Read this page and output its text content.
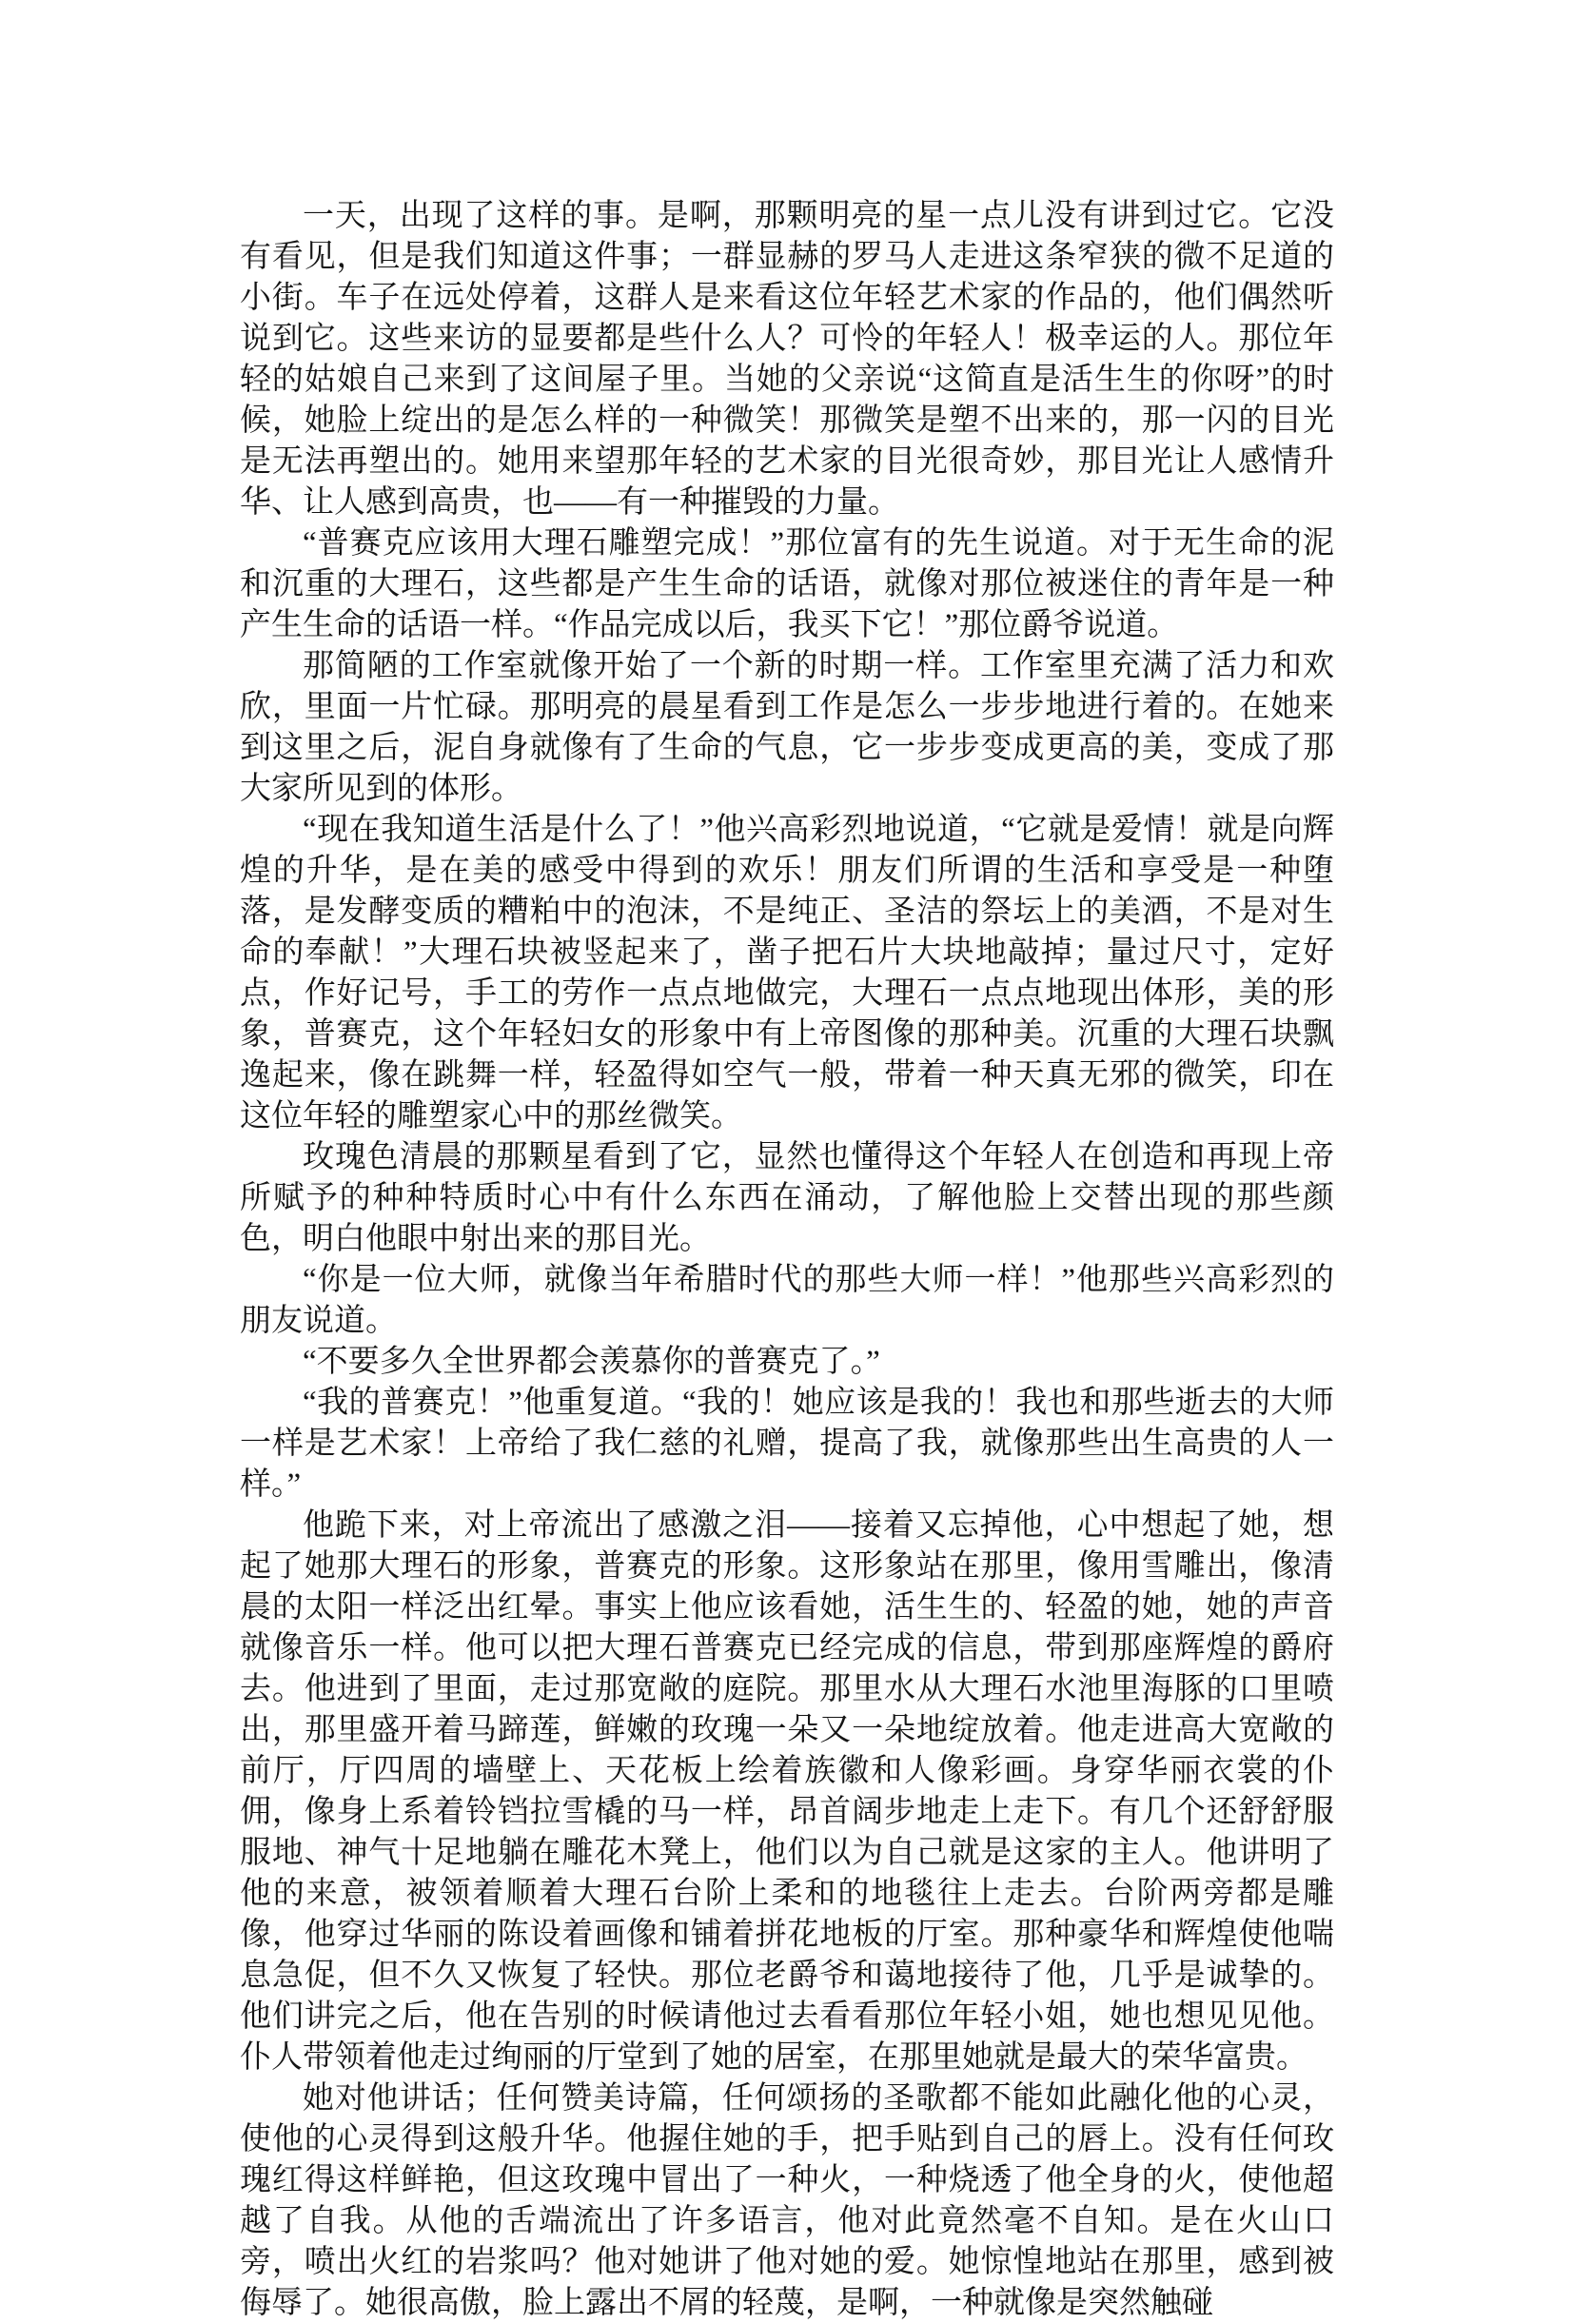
一天，出现了这样的事。是啊，那颗明亮的星一点儿没有讲到过它。它没有看见，但是我们知道这件事；一群显赫的罗马人走进这条窄狭的微不足道的小街。车子在远处停着，这群人是来看这位年轻艺术家的作品的，他们偶然听说到它。这些来访的显要都是些什么人？可怜的年轻人！极幸运的人。那位年轻的姑娘自己来到了这间屋子里。当她的父亲说“这简直是活生生的你呀”的时候，她脸上绽出的是怎么样的一种微笑！那微笑是塑不出来的，那一闪的目光是无法再塑出的。她用来望那年轻的艺术家的目光很奇妙，那目光让人感情升华、让人感到高贵，也——有一种摧毁的力量。

“普赛克应该用大理石雕塑完成！”那位富有的先生说道。对于无生命的泥和沉重的大理石，这些都是产生生命的话语，就像对那位被迷住的青年是一种产生生命的话语一样。“作品完成以后，我买下它！”那位爵爷说道。

那简陋的工作室就像开始了一个新的时期一样。工作室里充满了活力和欢欣，里面一片忙碌。那明亮的晨星看到工作是怎么一步步地进行着的。在她来到这里之后，泥自身就像有了生命的气息，它一步步变成更高的美，变成了那大家所见到的体形。

“现在我知道生活是什么了！”他兴高彩烈地说道，“它就是爱情！就是向辉煌的升华，是在美的感受中得到的欢乐！朋友们所谓的生活和享受是一种堕落，是发酵变质的糟粕中的泡沫，不是纯正、圣洁的祭坛上的美酒，不是对生命的奉献！”大理石块被竖起来了，凿子把石片大块地敲掉；量过尺寸，定好点，作好记号，手工的劳作一点点地做完，大理石一点点地现出体形，美的形象，普赛克，这个年轻妇女的形象中有上帝图像的那种美。沉重的大理石块飘逸起来，像在跳舞一样，轻盈得如空气一般，带着一种天真无邪的微笑，印在这位年轻的雕塑家心中的那丝微笑。

玫瑰色清晨的那颗星看到了它，显然也懂得这个年轻人在创造和再现上帝所赋予的种种特质时心中有什么东西在涌动，了解他脸上交替出现的那些颜色，明白他眼中射出来的那目光。

“你是一位大师，就像当年希腊时代的那些大师一样！”他那些兴高彩烈的朋友说道。

“不要多久全世界都会羡慕你的普赛克了。”

“我的普赛克！”他重复道。“我的！她应该是我的！我也和那些逝去的大师一样是艺术家！上帝给了我仁慈的礼赠，提高了我，就像那些出生高贵的人一样。”

他跪下来，对上帝流出了感激之泪——接着又忘掉他，心中想起了她，想起了她那大理石的形象，普赛克的形象。这形象站在那里，像用雪雕出，像清晨的太阳一样泛出红晕。事实上他应该看她，活生生的、轻盈的她，她的声音就像音乐一样。他可以把大理石普赛克已经完成的信息，带到那座辉煌的爵府去。他进到了里面，走过那宽敞的庭院。那里水从大理石水池里海豚的口里喷出，那里盛开着马蹄莲，鲜嫩的玫瑰一朵又一朵地绽放着。他走进高大宽敞的前厅，厅四周的墙壁上、天花板上绘着族徽和人像彩画。身穿华丽衣裳的仆佣，像身上系着铃铛拉雪橇的马一样，昂首阔步地走上走下。有几个还舒舒服服地、神气十足地躺在雕花木凳上，他们以为自己就是这家的主人。他讲明了他的来意，被领着顺着大理石台阶上柔和的地毯往上走去。台阶两旁都是雕像，他穿过华丽的陈设着画像和铺着拼花地板的厅室。那种豪华和辉煌使他喘息急促，但不久又恢复了轻快。那位老爵爷和蔼地接待了他，几乎是诚挚的。他们讲完之后，他在告别的时候请他过去看看那位年轻小姐，她也想见见他。仆人带领着他走过绚丽的厅堂到了她的居室，在那里她就是最大的荣华富贵。

她对他讲话；任何赞美诗篇，任何颂扬的圣歌都不能如此融化他的心灵，使他的心灵得到这般升华。他握住她的手，把手贴到自己的唇上。没有任何玫瑰红得这样鲜艳，但这玫瑰中冒出了一种火，一种烧透了他全身的火，使他超越了自我。从他的舌端流出了许多语言，他对此竟然毫不自知。是在火山口旁，喷出火红的岩浆吗？他对她讲了他对她的爱。她惊惶地站在那里，感到被侮辱了。她很高傲，脸上露出不屑的轻蔑，是啊，一种就像是突然触碰
